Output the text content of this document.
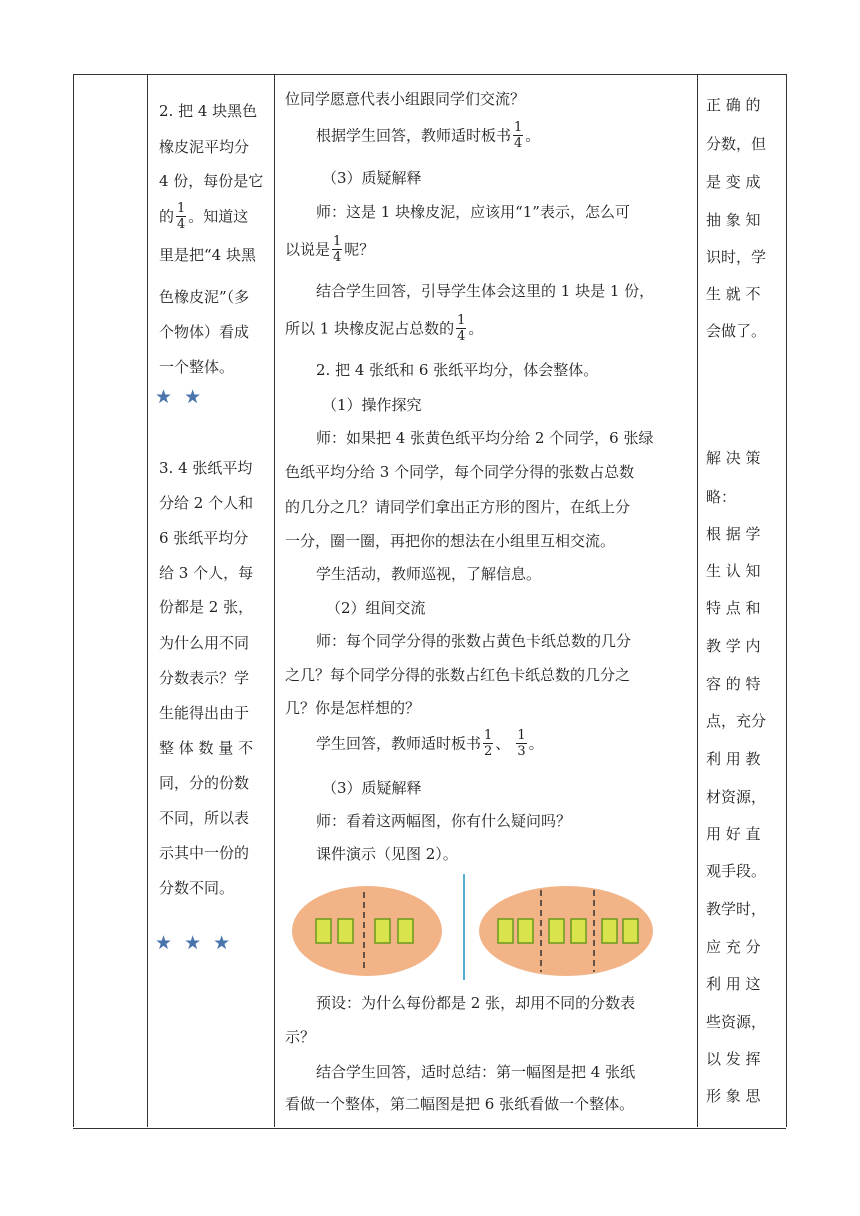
2. 把 4 块黑色
橡皮泥平均分
4 份，每份是它
的 $\frac{1}{4}$ 。知道这
里是把“4 块黑
色橡皮泥”（多
个物体）看成
一个整体。
★ ★
3. 4 张纸平均
分给 2 个人和
6 张纸平均分
给 3 个人，每
份都是 2 张，
为什么用不同
分数表示？学
生能得出由于
整 体 数 量 不
同，分的份数
不同，所以表
示其中一份的
分数不同。
★ ★ ★
位同学愿意代表小组跟同学们交流？
根据学生回答，教师适时板书 $\frac{1}{4}$ 。
（3）质疑解释
师：这是 1 块橡皮泥，应该用“1”表示，怎么可
以说是 $\frac{1}{4}$ 呢？
结合学生回答，引导学生体会这里的 1 块是 1 份，
所以 1 块橡皮泥占总数的 $\frac{1}{4}$ 。
2. 把 4 张纸和 6 张纸平均分，体会整体。
（1）操作探究
师：如果把 4 张黄色纸平均分给 2 个同学，6 张绿
色纸平均分给 3 个同学，每个同学分得的张数占总数
的几分之几？请同学们拿出正方形的图片，在纸上分
一分，圈一圈，再把你的想法在小组里互相交流。
学生活动，教师巡视，了解信息。
（2）组间交流
师：每个同学分得的张数占黄色卡纸总数的几分
之几？每个同学分得的张数占红色卡纸总数的几分之
几？你是怎样想的？
学生回答，教师适时板书 $\frac{1}{2}$ 、 $\frac{1}{3}$ 。
（3）质疑解释
师：看着这两幅图，你有什么疑问吗？
课件演示（见图 2）。
预设：为什么每份都是 2 张，却用不同的分数表
示？
结合学生回答，适时总结：第一幅图是把 4 张纸
看做一个整体，第二幅图是把 6 张纸看做一个整体。
正 确 的
分数，但
是 变 成
抽 象 知
识时，学
生 就 不
会做了。
解 决 策
略：
根 据 学
生 认 知
特 点 和
教 学 内
容 的 特
点，充分
利 用 教
材资源，
用 好 直
观手段。
教学时，
应 充 分
利 用 这
些资源，
以 发 挥
形 象 思
